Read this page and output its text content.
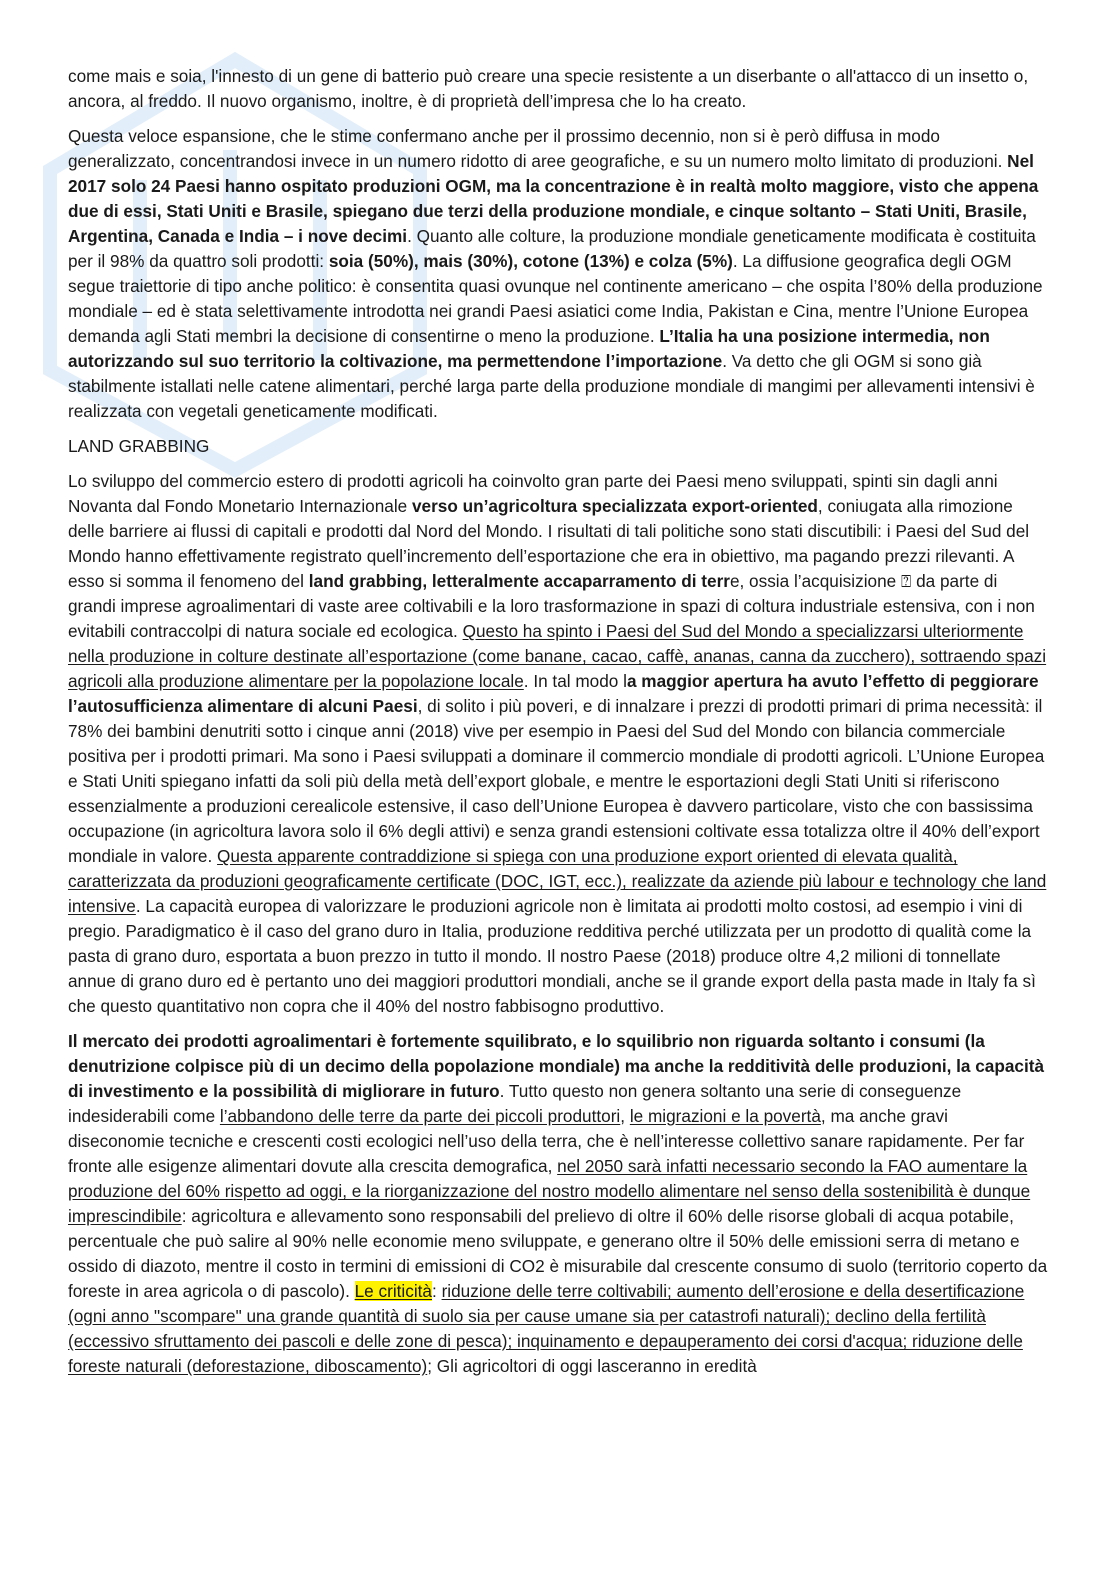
come mais e soia, l'innesto di un gene di batterio può creare una specie resistente a un diserbante o all'attacco di un insetto o, ancora, al freddo. Il nuovo organismo, inoltre, è di proprietà dell’impresa che lo ha creato.

Questa veloce espansione, che le stime confermano anche per il prossimo decennio, non si è però diffusa in modo generalizzato, concentrandosi invece in un numero ridotto di aree geografiche, e su un numero molto limitato di produzioni. Nel 2017 solo 24 Paesi hanno ospitato produzioni OGM, ma la concentrazione è in realtà molto maggiore, visto che appena due di essi, Stati Uniti e Brasile, spiegano due terzi della produzione mondiale, e cinque soltanto – Stati Uniti, Brasile, Argentina, Canada e India – i nove decimi. Quanto alle colture, la produzione mondiale geneticamente modificata è costituita per il 98% da quattro soli prodotti: soia (50%), mais (30%), cotone (13%) e colza (5%). La diffusione geografica degli OGM segue traiettorie di tipo anche politico: è consentita quasi ovunque nel continente americano – che ospita l’80% della produzione mondiale – ed è stata selettivamente introdotta nei grandi Paesi asiatici come India, Pakistan e Cina, mentre l’Unione Europea demanda agli Stati membri la decisione di consentirne o meno la produzione. L’Italia ha una posizione intermedia, non autorizzando sul suo territorio la coltivazione, ma permettendone l’importazione. Va detto che gli OGM si sono già stabilmente istallati nelle catene alimentari, perché larga parte della produzione mondiale di mangimi per allevamenti intensivi è realizzata con vegetali geneticamente modificati.

LAND GRABBING

Lo sviluppo del commercio estero di prodotti agricoli ha coinvolto gran parte dei Paesi meno sviluppati, spinti sin dagli anni Novanta dal Fondo Monetario Internazionale verso un’agricoltura specializzata export-oriented, coniugata alla rimozione delle barriere ai flussi di capitali e prodotti dal Nord del Mondo. I risultati di tali politiche sono stati discutibili: i Paesi del Sud del Mondo hanno effettivamente registrato quell’incremento dell’esportazione che era in obiettivo, ma pagando prezzi rilevanti. A esso si somma il fenomeno del land grabbing, letteralmente accaparramento di terre, ossia l’acquisizione ⍰ da parte di grandi imprese agroalimentari di vaste aree coltivabili e la loro trasformazione in spazi di coltura industriale estensiva, con i non evitabili contraccolpi di natura sociale ed ecologica. Questo ha spinto i Paesi del Sud del Mondo a specializzarsi ulteriormente nella produzione in colture destinate all’esportazione (come banane, cacao, caffè, ananas, canna da zucchero), sottraendo spazi agricoli alla produzione alimentare per la popolazione locale. In tal modo la maggior apertura ha avuto l’effetto di peggiorare l’autosufficienza alimentare di alcuni Paesi, di solito i più poveri, e di innalzare i prezzi di prodotti primari di prima necessità: il 78% dei bambini denutriti sotto i cinque anni (2018) vive per esempio in Paesi del Sud del Mondo con bilancia commerciale positiva per i prodotti primari. Ma sono i Paesi sviluppati a dominare il commercio mondiale di prodotti agricoli. L’Unione Europea e Stati Uniti spiegano infatti da soli più della metà dell’export globale, e mentre le esportazioni degli Stati Uniti si riferiscono essenzialmente a produzioni cerealicole estensive, il caso dell’Unione Europea è davvero particolare, visto che con bassissima occupazione (in agricoltura lavora solo il 6% degli attivi) e senza grandi estensioni coltivate essa totalizza oltre il 40% dell’export mondiale in valore. Questa apparente contraddizione si spiega con una produzione export oriented di elevata qualità, caratterizzata da produzioni geograficamente certificate (DOC, IGT, ecc.), realizzate da aziende più labour e technology che land intensive. La capacità europea di valorizzare le produzioni agricole non è limitata ai prodotti molto costosi, ad esempio i vini di pregio. Paradigmatico è il caso del grano duro in Italia, produzione redditiva perché utilizzata per un prodotto di qualità come la pasta di grano duro, esportata a buon prezzo in tutto il mondo. Il nostro Paese (2018) produce oltre 4,2 milioni di tonnellate annue di grano duro ed è pertanto uno dei maggiori produttori mondiali, anche se il grande export della pasta made in Italy fa sì che questo quantitativo non copra che il 40% del nostro fabbisogno produttivo.

Il mercato dei prodotti agroalimentari è fortemente squilibrato, e lo squilibrio non riguarda soltanto i consumi (la denutrizione colpisce più di un decimo della popolazione mondiale) ma anche la redditività delle produzioni, la capacità di investimento e la possibilità di migliorare in futuro. Tutto questo non genera soltanto una serie di conseguenze indesiderabili come l’abbandono delle terre da parte dei piccoli produttori, le migrazioni e la povertà, ma anche gravi diseconomie tecniche e crescenti costi ecologici nell’uso della terra, che è nell’interesse collettivo sanare rapidamente. Per far fronte alle esigenze alimentari dovute alla crescita demografica, nel 2050 sarà infatti necessario secondo la FAO aumentare la produzione del 60% rispetto ad oggi, e la riorganizzazione del nostro modello alimentare nel senso della sostenibilità è dunque imprescindibile: agricoltura e allevamento sono responsabili del prelievo di oltre il 60% delle risorse globali di acqua potabile, percentuale che può salire al 90% nelle economie meno sviluppate, e generano oltre il 50% delle emissioni serra di metano e ossido di diazoto, mentre il costo in termini di emissioni di CO2 è misurabile dal crescente consumo di suolo (territorio coperto da foreste in area agricola o di pascolo). Le criticità: riduzione delle terre coltivabili; aumento dell’erosione e della desertificazione (ogni anno "scompare" una grande quantità di suolo sia per cause umane sia per catastrofi naturali); declino della fertilità (eccessivo sfruttamento dei pascoli e delle zone di pesca); inquinamento e depauperamento dei corsi d'acqua; riduzione delle foreste naturali (deforestazione, diboscamento); Gli agricoltori di oggi lasceranno in eredità
